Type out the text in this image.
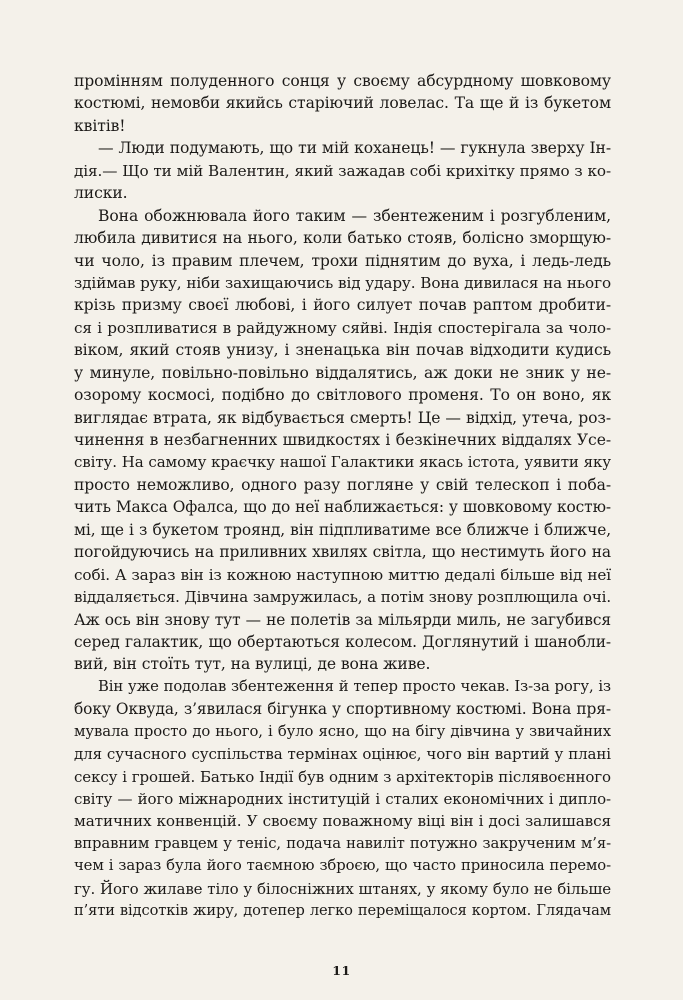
промінням полуденного сонця у своєму абсурдному шовковому
костюмі, немовби якийсь старіючий ловелас. Та ще й із букетом
квітів!
— Люди подумають, що ти мій коханець! — гукнула зверху Ін-
дія.— Що ти мій Валентин, який зажадав собі крихітку прямо з ко-
лиски.
Вона обожнювала його таким — збентеженим і розгубленим,
любила дивитися на нього, коли батько стояв, болісно зморщую-
чи чоло, із правим плечем, трохи піднятим до вуха, і ледь-ледь
здіймав руку, ніби захищаючись від удару. Вона дивилася на нього
крізь призму своєї любові, і його силует почав раптом дробити-
ся і розпливатися в райдужному сяйві. Індія спостерігала за чоло-
віком, який стояв унизу, і зненацька він почав відходити кудись
у минуле, повільно-повільно віддалятись, аж доки не зник у не-
озорому космосі, подібно до світлового променя. То он воно, як
виглядає втрата, як відбувається смерть! Це — відхід, утеча, роз-
чинення в незбагненних швидкостях і безкінечних віддалях Усе-
світу. На самому краєчку нашої Галактики якась істота, уявити яку
просто неможливо, одного разу погляне у свій телескоп і поба-
чить Макса Офалса, що до неї наближається: у шовковому костю-
мі, ще і з букетом троянд, він підпливатиме все ближче і ближче,
погойдуючись на приливних хвилях світла, що нестимуть його на
собі. А зараз він із кожною наступною миттю дедалі більше від неї
віддаляється. Дівчина замружилась, а потім знову розплющила очі.
Аж ось він знову тут — не полетів за мільярди миль, не загубився
серед галактик, що обертаються колесом. Доглянутий і шанобли-
вий, він стоїть тут, на вулиці, де вона живе.
Він уже подолав збентеження й тепер просто чекав. Із-за рогу, із
боку Оквуда, з’явилася бігунка у спортивному костюмі. Вона пря-
мувала просто до нього, і було ясно, що на бігу дівчина у звичайних
для сучасного суспільства термінах оцінює, чого він вартий у плані
сексу і грошей. Батько Індії був одним з архітекторів післявоєнного
світу — його міжнародних інституцій і сталих економічних і дипло-
матичних конвенцій. У своєму поважному віці він і досі залишався
вправним гравцем у теніс, подача навиліт потужно закрученим м’я-
чем і зараз була його таємною зброєю, що часто приносила перемо-
гу. Його жилаве тіло у білосніжних штанях, у якому було не більше
п’яти відсотків жиру, дотепер легко переміщалося кортом. Глядачам
11
